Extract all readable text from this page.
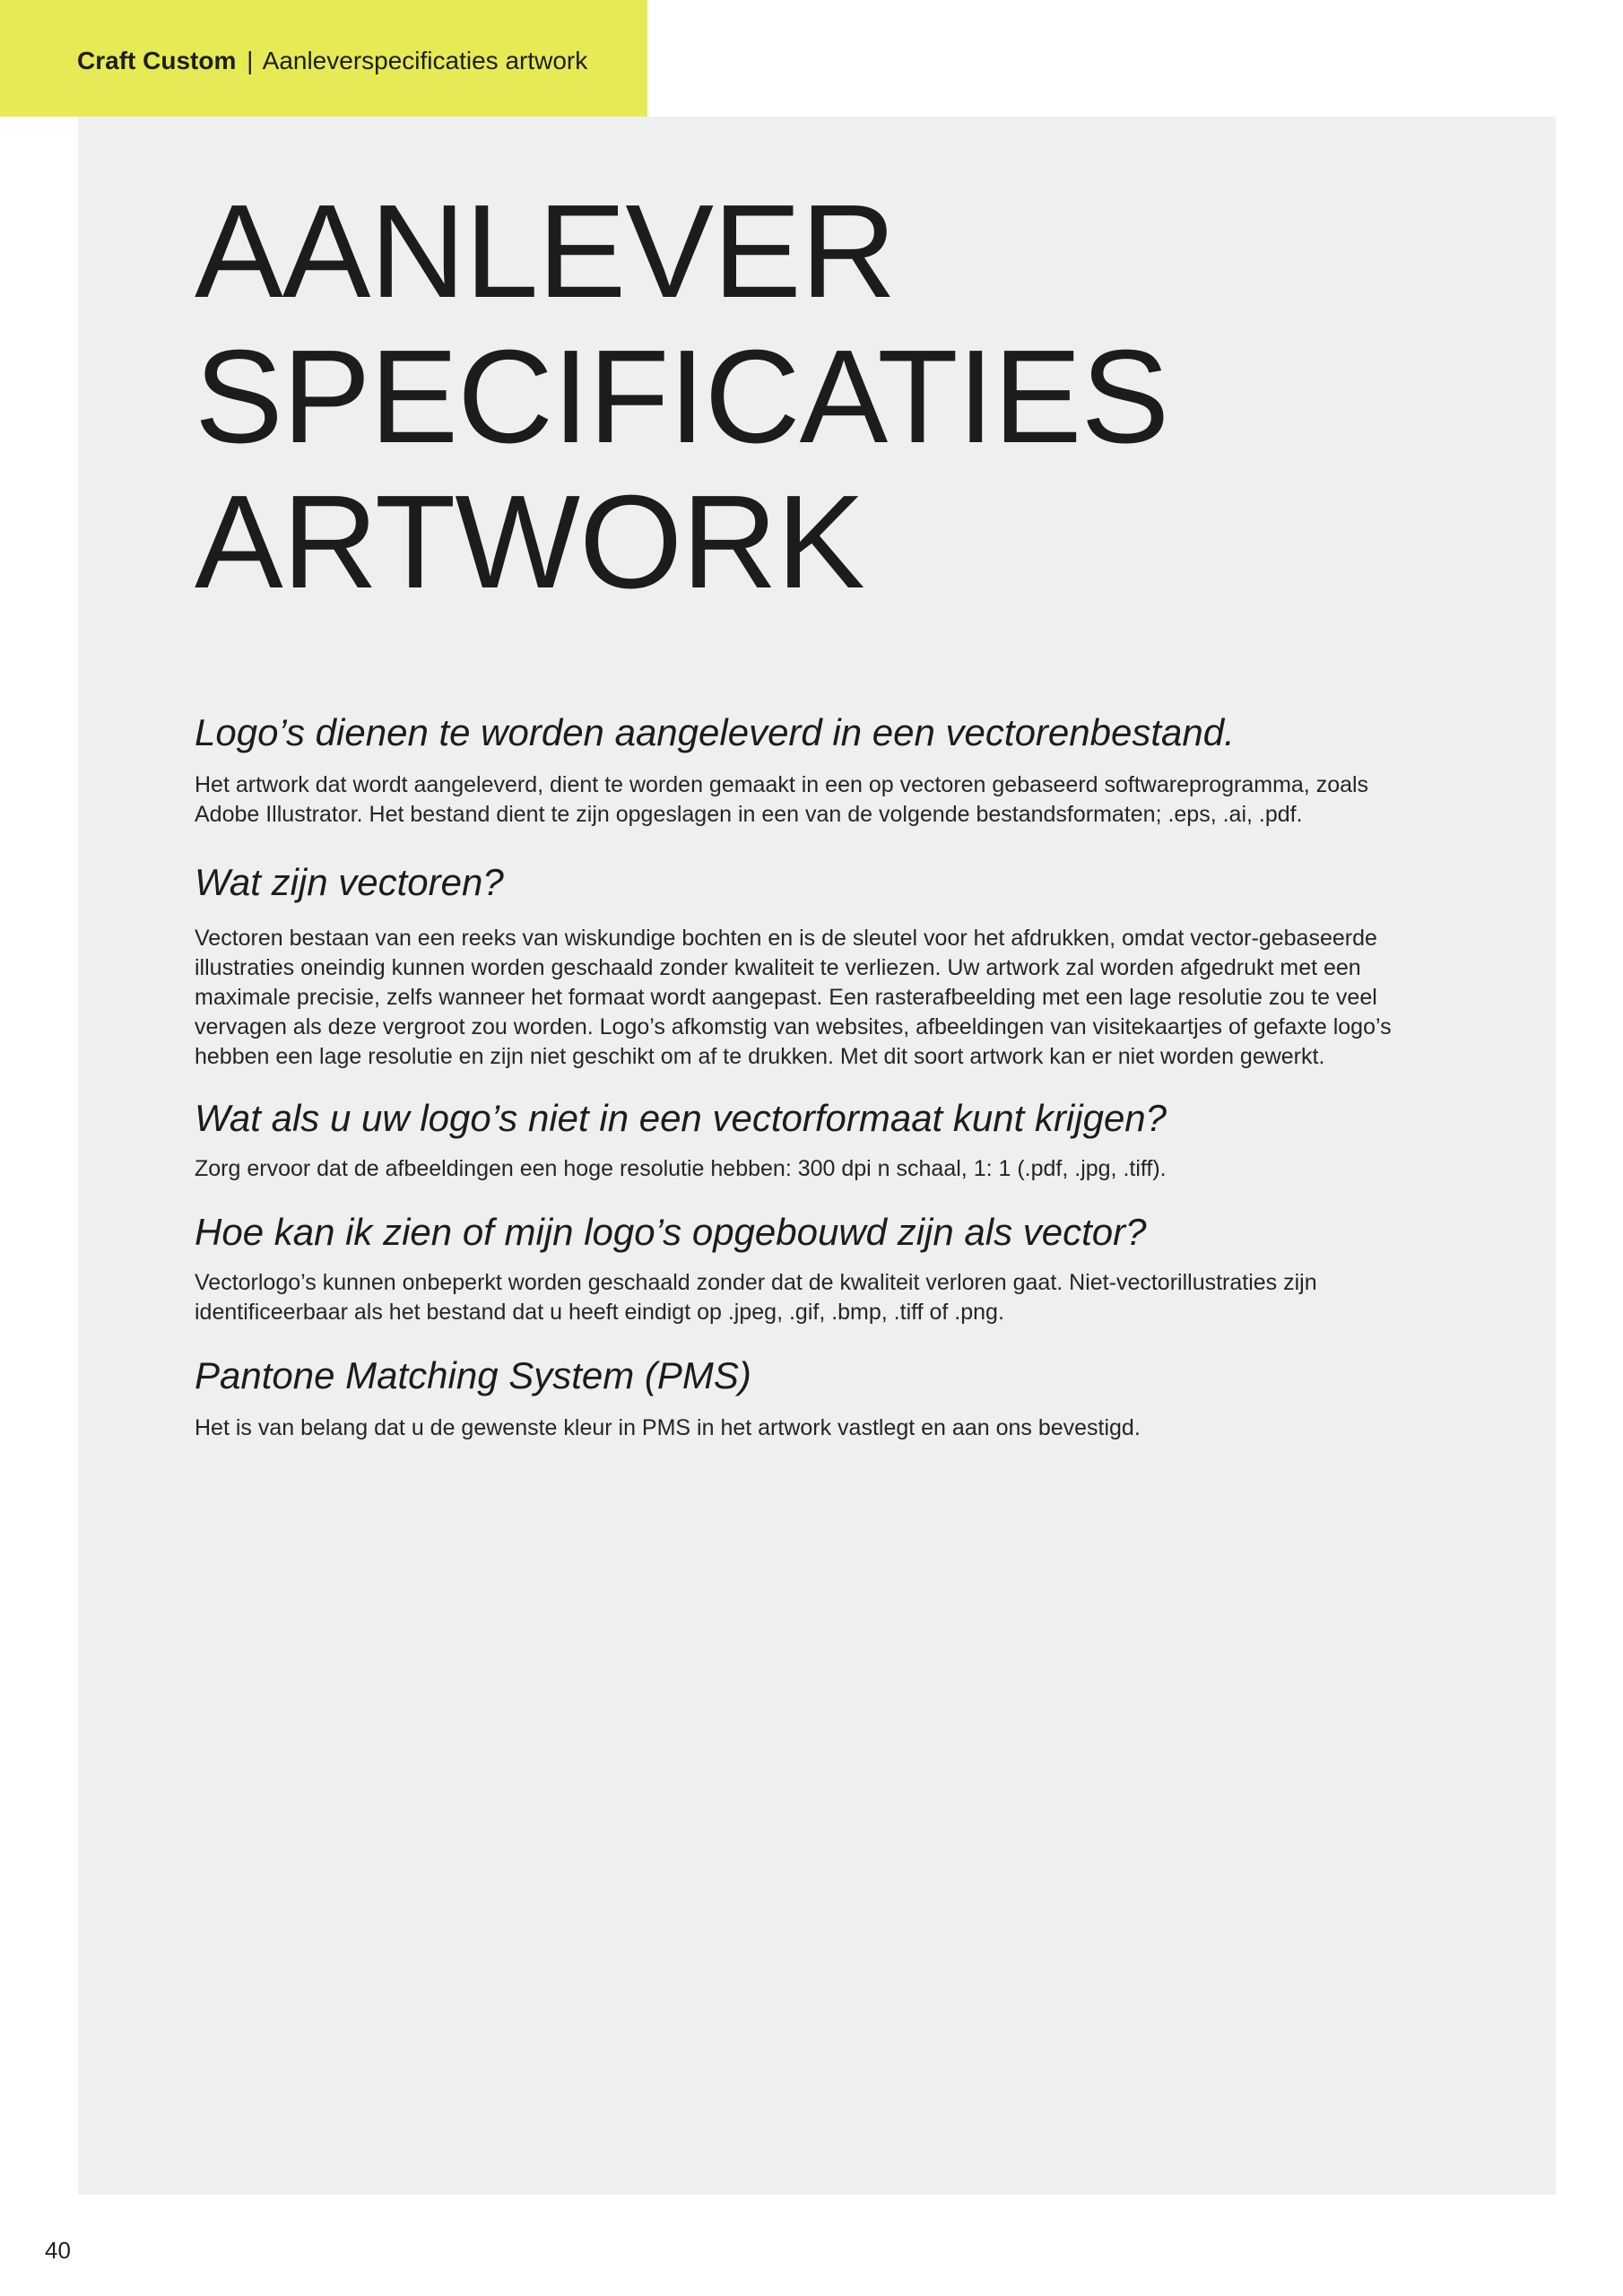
Craft Custom | Aanleverspecificaties artwork
AANLEVER
SPECIFICATIES
ARTWORK
Logo’s dienen te worden aangeleverd in een vectorenbestand.

Het artwork dat wordt aangeleverd, dient te worden gemaakt in een op vectoren gebaseerd softwareprogramma, zoals
Adobe Illustrator. Het bestand dient te zijn opgeslagen in een van de volgende bestandsformaten; .eps, .ai, .pdf.

Wat zijn vectoren?

Vectoren bestaan van een reeks van wiskundige bochten en is de sleutel voor het afdrukken, omdat vector-gebaseerde
illustraties oneindig kunnen worden geschaald zonder kwaliteit te verliezen. Uw artwork zal worden afgedrukt met een
maximale precisie, zelfs wanneer het formaat wordt aangepast. Een rasterafbeelding met een lage resolutie zou te veel
vervagen als deze vergroot zou worden. Logo’s afkomstig van websites, afbeeldingen van visitekaartjes of gefaxte logo’s
hebben een lage resolutie en zijn niet geschikt om af te drukken. Met dit soort artwork kan er niet worden gewerkt.

Wat als u uw logo’s niet in een vectorformaat kunt krijgen?

Zorg ervoor dat de afbeeldingen een hoge resolutie hebben: 300 dpi n schaal, 1: 1 (.pdf, .jpg, .tiff).

Hoe kan ik zien of mijn logo’s opgebouwd zijn als vector?

Vectorlogo’s kunnen onbeperkt worden geschaald zonder dat de kwaliteit verloren gaat. Niet-vectorillustraties zijn
identificeerbaar als het bestand dat u heeft eindigt op .jpeg, .gif, .bmp, .tiff of .png.

Pantone Matching System (PMS)

Het is van belang dat u de gewenste kleur in PMS in het artwork vastlegt en aan ons bevestigd.

40
